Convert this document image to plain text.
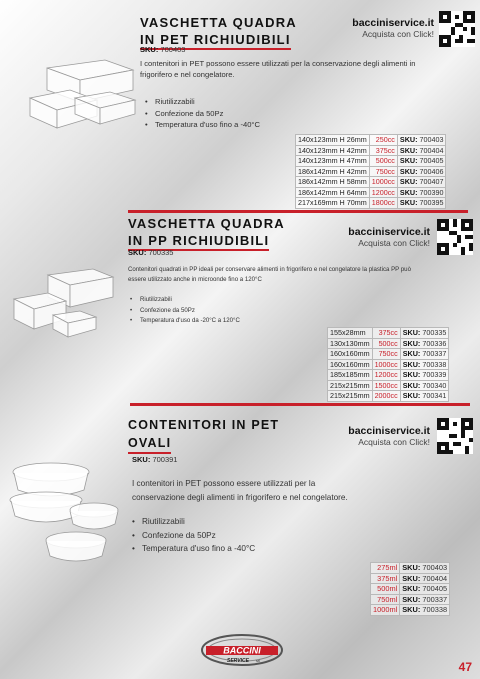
VASCHETTA QUADRA
IN PET RICHIUDIBILI
SKU: 700403
bacciniservice.it
Acquista con Click!
I contenitori in PET possono essere utilizzati per la conservazione degli alimenti in frigorifero e nel congelatore.
• Riutilizzabili
• Confezione da 50Pz
• Temperatura d'uso fino a -40°C
140x123mm H 26mm	250cc	SKU: 700403
140x123mm H 42mm	375cc	SKU: 700404
140x123mm H 47mm	500cc	SKU: 700405
186x142mm H 42mm	750cc	SKU: 700406
186x142mm H 58mm	1000cc	SKU: 700407
186x142mm H 64mm	1200cc	SKU: 700390
217x169mm H 70mm	1800cc	SKU: 700395
VASCHETTA QUADRA
IN PP RICHIUDIBILI
SKU: 700335
bacciniservice.it
Acquista con Click!
Contenitori quadrati in PP ideali per conservare alimenti in frigorifero e nel congelatore la plastica PP può essere utilizzato anche in microonde fino a 120°C
• Riutilizzabili
• Confezione da 50Pz
• Temperatura d'uso da -20°C a 120°C
155x28mm	375cc	SKU: 700335
130x130mm	500cc	SKU: 700336
160x160mm	750cc	SKU: 700337
160x160mm	1000cc	SKU: 700338
185x185mm	1200cc	SKU: 700339
215x215mm	1500cc	SKU: 700340
215x215mm	2000cc	SKU: 700341
CONTENITORI IN PET
OVALI
SKU: 700391
bacciniservice.it
Acquista con Click!
I contenitori in PET possono essere utilizzati per la conservazione degli alimenti in frigorifero e nel congelatore.
• Riutilizzabili
• Confezione da 50Pz
• Temperatura d'uso fino a -40°C
275ml	SKU: 700403
375ml	SKU: 700404
500ml	SKU: 700405
750ml	SKU: 700337
1000ml	SKU: 700338
BACCINI
SERVICE srl	47
